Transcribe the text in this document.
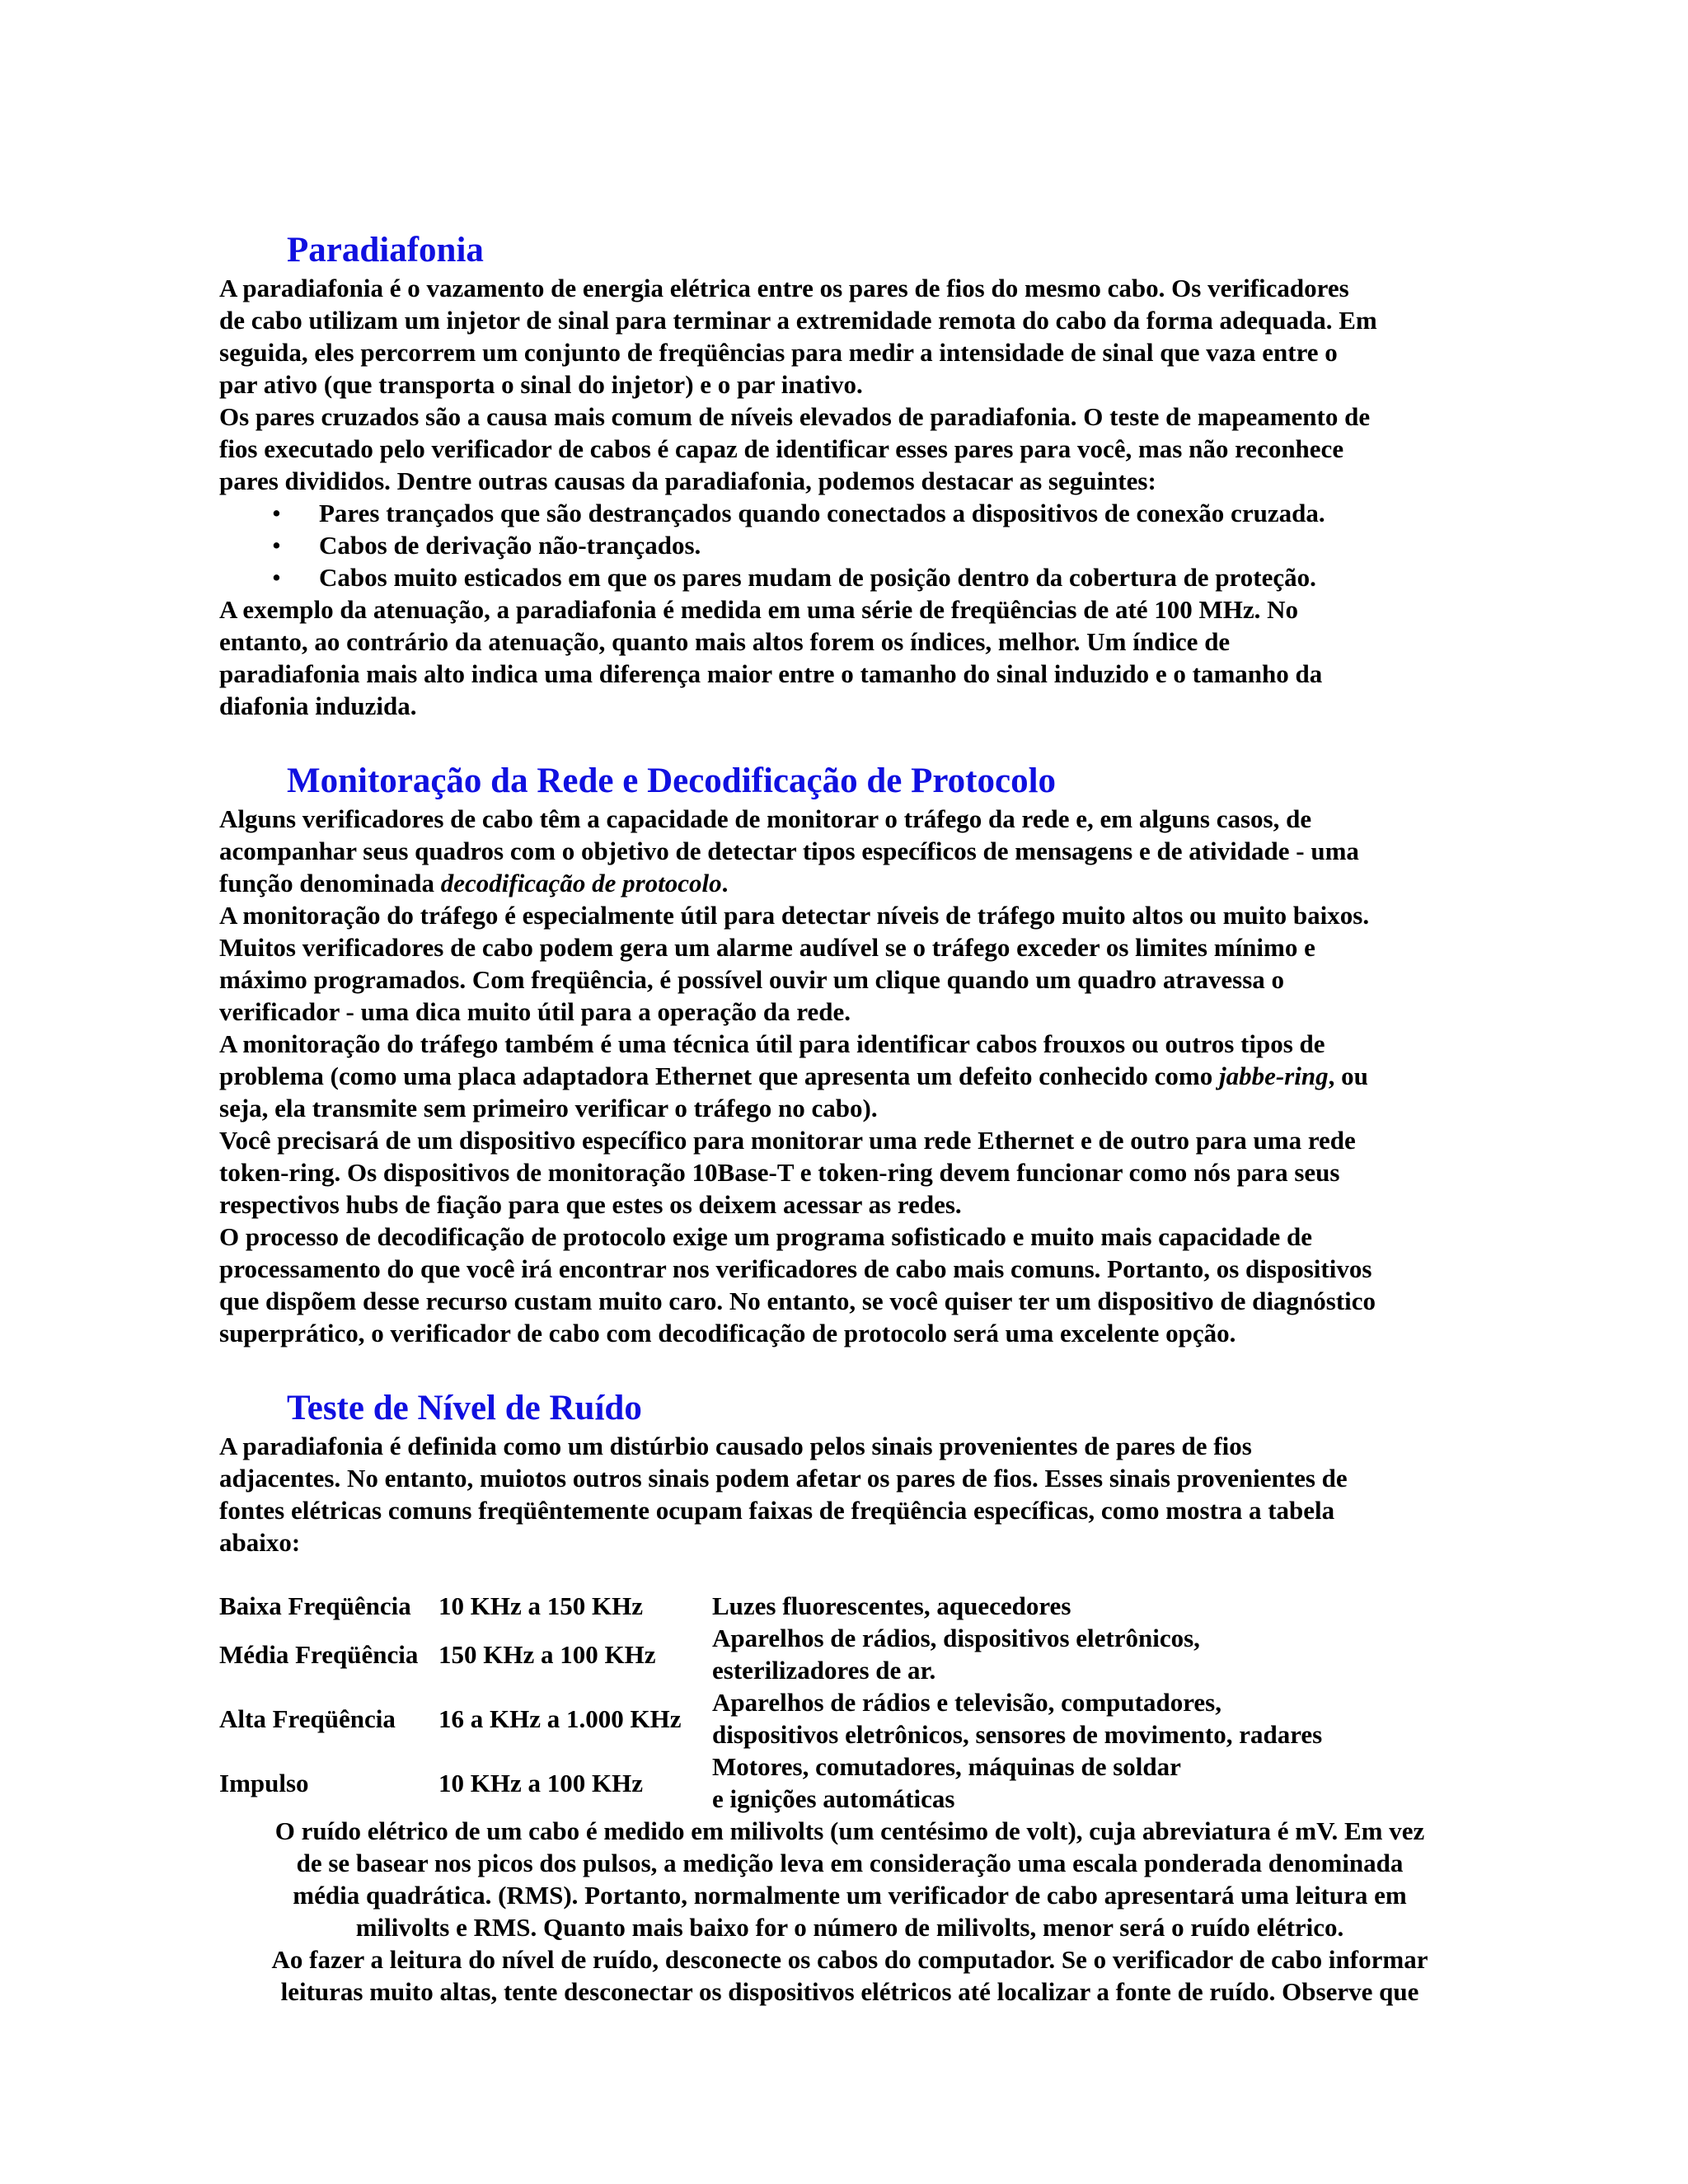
Paradiafonia

A paradiafonia é o vazamento de energia elétrica entre os pares de fios do mesmo cabo. Os verificadores
de cabo utilizam um injetor de sinal para terminar a extremidade remota do cabo da forma adequada. Em
seguida, eles percorrem um conjunto de freqüências para medir a intensidade de sinal que vaza entre o
par ativo (que transporta o sinal do injetor) e o par inativo.

Os pares cruzados são a causa mais comum de níveis elevados de paradiafonia. O teste de mapeamento de
fios executado pelo verificador de cabos é capaz de identificar esses pares para você, mas não reconhece
pares divididos. Dentre outras causas da paradiafonia, podemos destacar as seguintes:

• Pares trançados que são destrançados quando conectados a dispositivos de conexão cruzada.
• Cabos de derivação não-trançados.
• Cabos muito esticados em que os pares mudam de posição dentro da cobertura de proteção.

A exemplo da atenuação, a paradiafonia é medida em uma série de freqüências de até 100 MHz. No
entanto, ao contrário da atenuação, quanto mais altos forem os índices, melhor. Um índice de
paradiafonia mais alto indica uma diferença maior entre o tamanho do sinal induzido e o tamanho da
diafonia induzida.

Monitoração da Rede e Decodificação de Protocolo

Alguns verificadores de cabo têm a capacidade de monitorar o tráfego da rede e, em alguns casos, de
acompanhar seus quadros com o objetivo de detectar tipos específicos de mensagens e de atividade - uma
função denominada decodificação de protocolo.

A monitoração do tráfego é especialmente útil para detectar níveis de tráfego muito altos ou muito baixos.
Muitos verificadores de cabo podem gera um alarme audível se o tráfego exceder os limites mínimo e
máximo programados. Com freqüência, é possível ouvir um clique quando um quadro atravessa o
verificador - uma dica muito útil para a operação da rede.

A monitoração do tráfego também é uma técnica útil para identificar cabos frouxos ou outros tipos de
problema (como uma placa adaptadora Ethernet que apresenta um defeito conhecido como jabbe-ring, ou
seja, ela transmite sem primeiro verificar o tráfego no cabo).

Você precisará de um dispositivo específico para monitorar uma rede Ethernet e de outro para uma rede
token-ring. Os dispositivos de monitoração 10Base-T e token-ring devem funcionar como nós para seus
respectivos hubs de fiação para que estes os deixem acessar as redes.

O processo de decodificação de protocolo exige um programa sofisticado e muito mais capacidade de
processamento do que você irá encontrar nos verificadores de cabo mais comuns. Portanto, os dispositivos
que dispõem desse recurso custam muito caro. No entanto, se você quiser ter um dispositivo de diagnóstico
superprático, o verificador de cabo com decodificação de protocolo será uma excelente opção.

Teste de Nível de Ruído

A paradiafonia é definida como um distúrbio causado pelos sinais provenientes de pares de fios
adjacentes. No entanto, muiotos outros sinais podem afetar os pares de fios. Esses sinais provenientes de
fontes elétricas comuns freqüêntemente ocupam faixas de freqüência específicas, como mostra a tabela
abaixo:

Baixa Freqüência	10 KHz a 150 KHz	Luzes fluorescentes, aquecedores

Média Freqüência	150 KHz a 100 KHz	Aparelhos de rádios, dispositivos eletrônicos,
esterilizadores de ar.

Alta Freqüência	16 a KHz a 1.000 KHz	Aparelhos de rádios e televisão, computadores,
dispositivos eletrônicos, sensores de movimento, radares

Impulso	10 KHz a 100 KHz	Motores, comutadores, máquinas de soldar
e ignições automáticas

O ruído elétrico de um cabo é medido em milivolts (um centésimo de volt), cuja abreviatura é mV. Em vez
de se basear nos picos dos pulsos, a medição leva em consideração uma escala ponderada denominada
média quadrática. (RMS). Portanto, normalmente um verificador de cabo apresentará uma leitura em
milivolts e RMS. Quanto mais baixo for o número de milivolts, menor será o ruído elétrico.

Ao fazer a leitura do nível de ruído, desconecte os cabos do computador. Se o verificador de cabo informar
leituras muito altas, tente desconectar os dispositivos elétricos até localizar a fonte de ruído. Observe que
